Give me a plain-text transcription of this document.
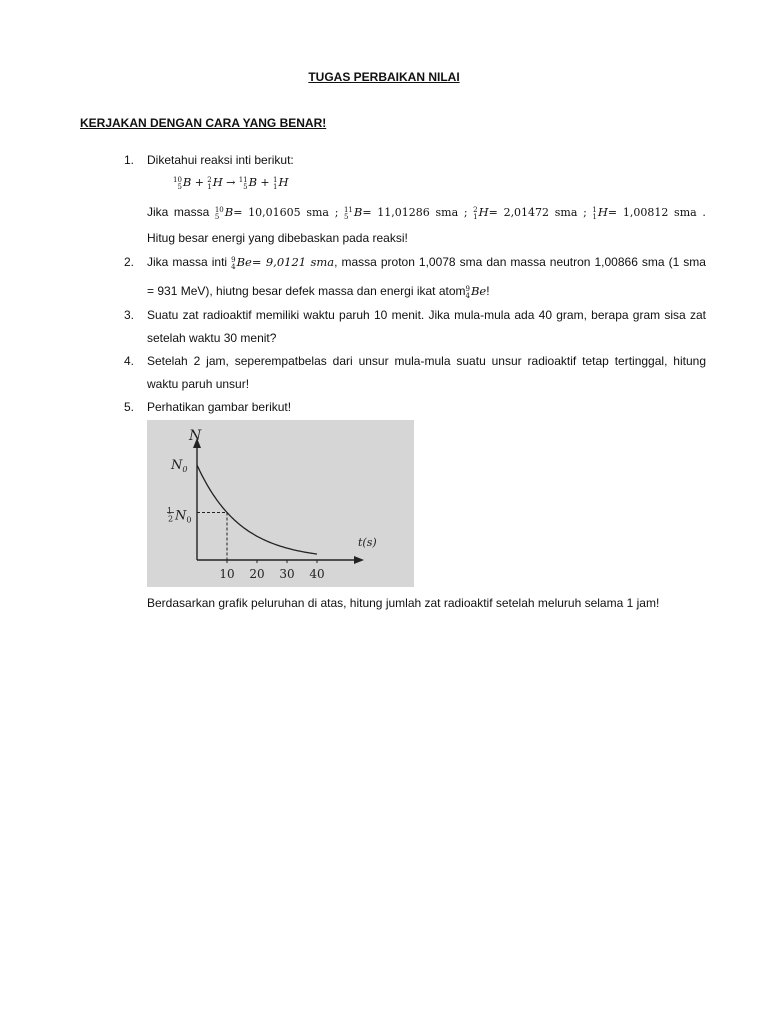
TUGAS PERBAIKAN NILAI
KERJAKAN DENGAN CARA YANG BENAR!
1. Diketahui reaksi inti berikut:
10
5 B + 2
1 H → 11
5 B + 1
1 H
Jika massa 10
5 B= 10,01605 sma ; 11
5 B= 11,01286 sma ; 2
1 H= 2,01472 sma ; 1
1 H= 1,00812 sma .
Hitug besar energi yang dibebaskan pada reaksi!
2. Jika massa inti 9
4 Be= 9,0121 sma, massa proton 1,0078 sma dan massa neutron 1,00866 sma (1 sma
= 931 MeV), hiutng besar defek massa dan energi ikat atom 9
4 Be!
3. Suatu zat radioaktif memiliki waktu paruh 10 menit. Jika mula-mula ada 40 gram, berapa gram sisa zat
setelah waktu 30 menit?
4. Setelah 2 jam, seperempatbelas dari unsur mula-mula suatu unsur radioaktif tetap tertinggal, hitung
waktu paruh unsur!
5. Perhatikan gambar berikut!
N
t(s)
10 20 30 40
$N_0$
$^1$ 2 $N_0$
Berdasarkan grafik peluruhan di atas, hitung jumlah zat radioaktif setelah meluruh selama 1 jam!
